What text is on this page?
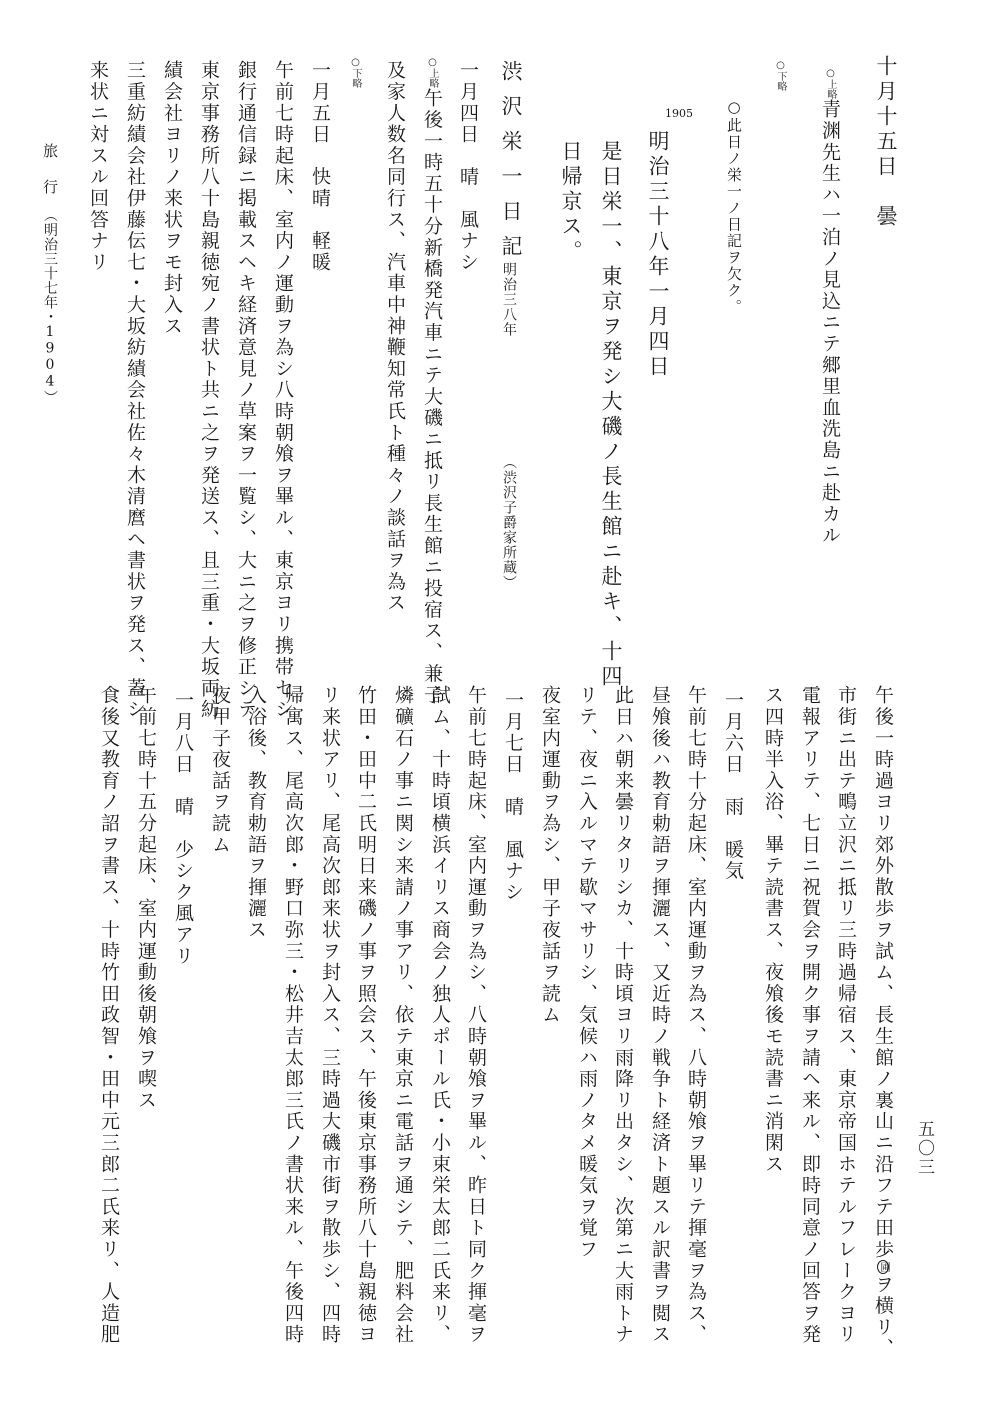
十月十五日　曇
○上略青渊先生ハ一泊ノ見込ニテ郷里血洗島ニ赴カル
○下略
○此日ノ栄一ノ日記ヲ欠ク。
1905
明治三十八年一月四日
是日栄一、東京ヲ発シ大磯ノ長生館ニ赴キ、十四
日帰京ス。
渋沢栄一日記
明治三八年
（渋沢子爵家所蔵）
一月四日　晴　風ナシ
○上略午後一時五十分新橋発汽車ニテ大磯ニ抵リ長生館ニ投宿ス、兼子
及家人数名同行ス、汽車中神鞭知常氏ト種々ノ談話ヲ為ス
○下略
一月五日　快晴　軽暖
午前七時起床、室内ノ運動ヲ為シ八時朝飧ヲ畢ル、東京ヨリ携帯セシ
銀行通信録ニ掲載スヘキ経済意見ノ草案ヲ一覧シ、大ニ之ヲ修正シテ
東京事務所八十島親徳宛ノ書状ト共ニ之ヲ発送ス、且三重・大坂両紡
績会社ヨリノ来状ヲモ封入ス
三重紡績会社伊藤伝七・大坂紡績会社佐々木清麿ヘ書状ヲ発ス、蓋シ
来状ニ対スル回答ナリ
午後一時過ヨリ郊外散歩ヲ試ム、長生館ノ裏山ニ沿フテ田歩圃ヲ横リ、
市街ニ出テ鴫立沢ニ抵リ三時過帰宿ス、東京帝国ホテルフレークヨリ
電報アリテ、七日ニ祝賀会ヲ開ク事ヲ請ヘ来ル、即時同意ノ回答ヲ発
ス四時半入浴、畢テ読書ス、夜飧後モ読書ニ消閑ス
一月六日　雨　暖気
午前七時十分起床、室内運動ヲ為ス、八時朝飧ヲ畢リテ揮毫ヲ為ス、
昼飧後ハ教育勅語ヲ揮灑ス、又近時ノ戦争ト経済ト題スル訳書ヲ閲ス
此日ハ朝来曇リタリシカ、十時頃ヨリ雨降リ出タシ、次第ニ大雨トナ
リテ、夜ニ入ルマテ歇マサリシ、気候ハ雨ノタメ暖気ヲ覚フ
夜室内運動ヲ為シ、甲子夜話ヲ読ム
一月七日　晴　風ナシ
午前七時起床、室内運動ヲ為シ、八時朝飧ヲ畢ル、昨日ト同ク揮毫ヲ
試ム、十時頃横浜イリス商会ノ独人ポール氏・小束栄太郎二氏来リ、
燐礦石ノ事ニ関シ来請ノ事アリ、依テ東京ニ電話ヲ通シテ、肥料会社
竹田・田中二氏明日来磯ノ事ヲ照会ス、午後東京事務所八十島親徳ヨ
リ来状アリ、尾高次郎来状ヲ封入ス、三時過大磯市街ヲ散歩シ、四時
帰寓ス、尾高次郎・野口弥三・松井吉太郎三氏ノ書状来ル、午後四時
入浴後、教育勅語ヲ揮灑ス
夜甲子夜話ヲ読ム
一月八日　晴　少シク風アリ
午前七時十五分起床、室内運動後朝飧ヲ喫ス
食後又教育ノ詔ヲ書ス、十時竹田政智・田中元三郎二氏来リ、人造肥
旅　行　（明治三十七年・1904）
五〇三
